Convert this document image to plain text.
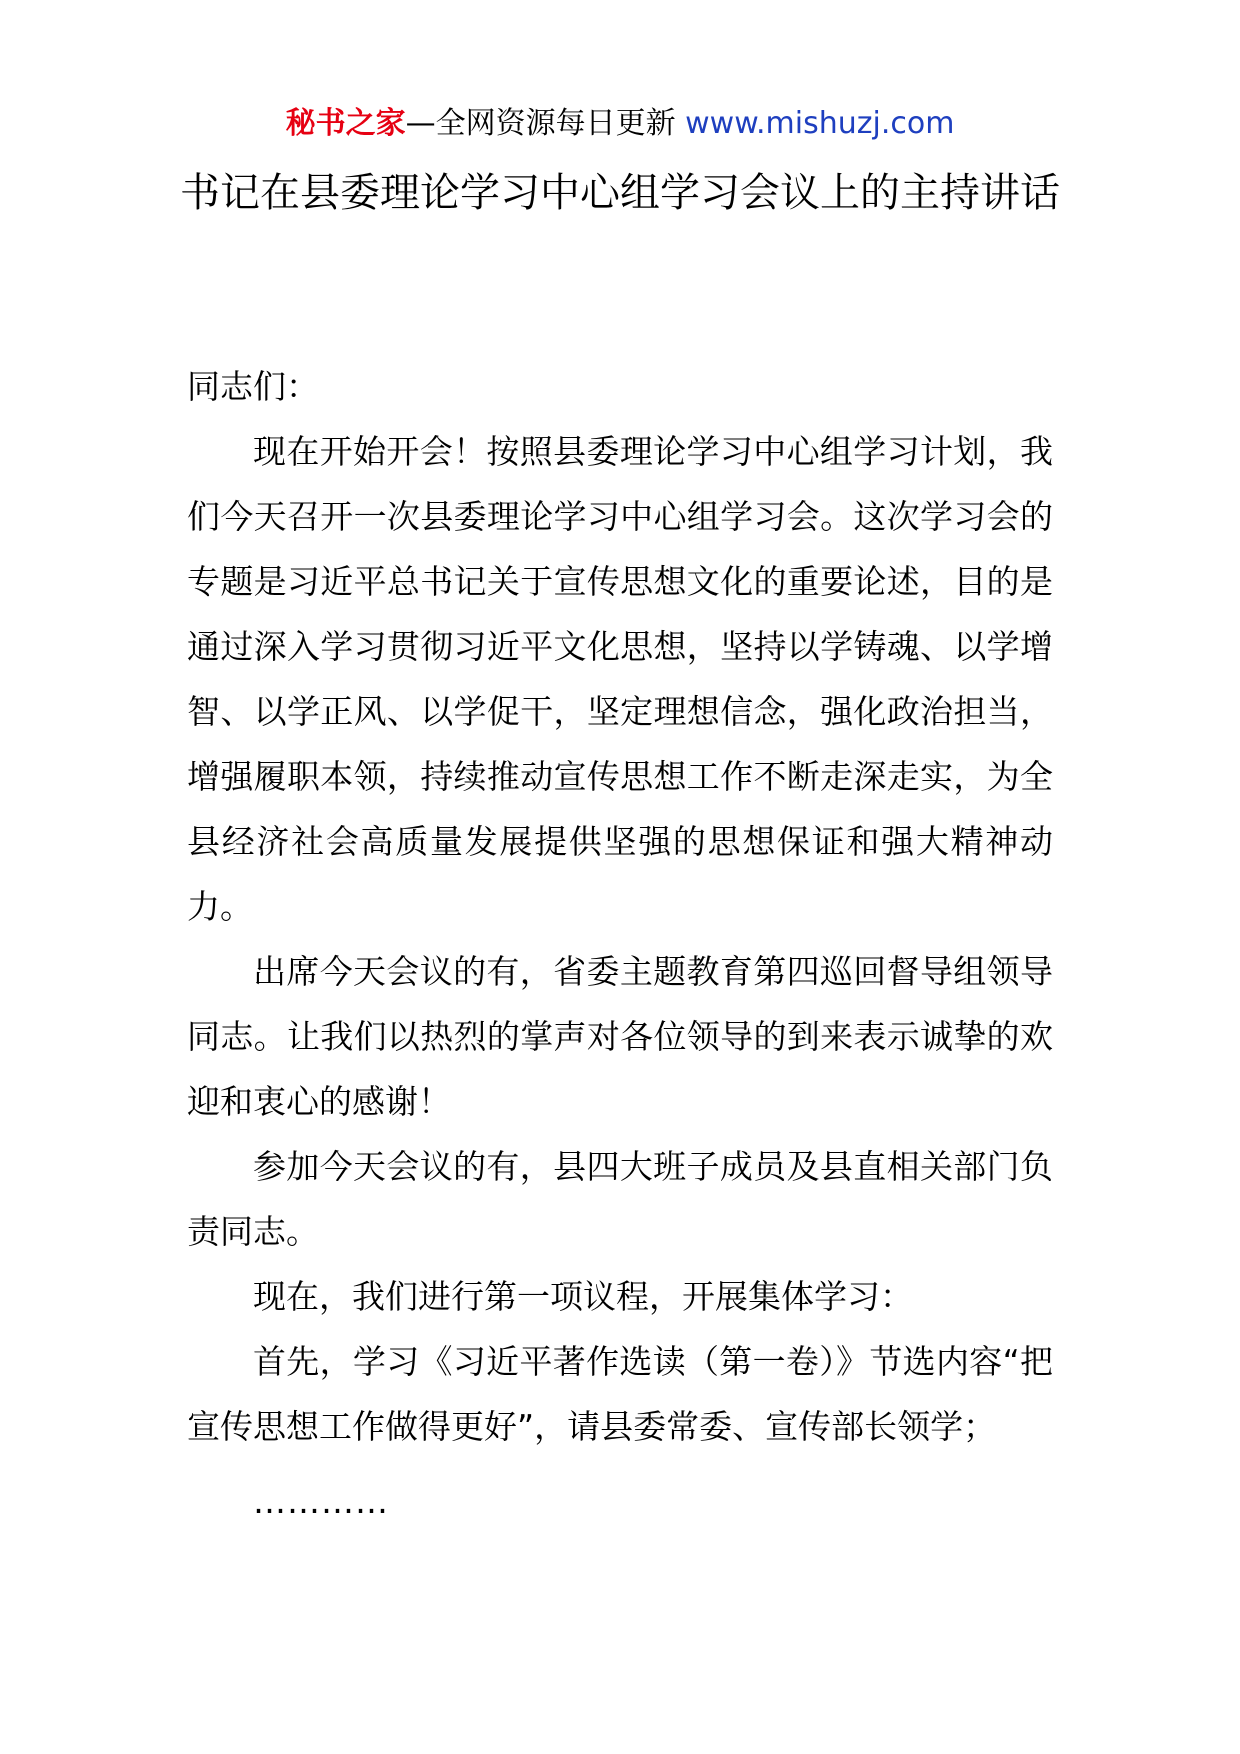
秘书之家—全网资源每日更新 www.mishuzj.com
书记在县委理论学习中心组学习会议上的主持讲话

同志们：

现在开始开会！按照县委理论学习中心组学习计划，我们今天召开一次县委理论学习中心组学习会。这次学习会的专题是习近平总书记关于宣传思想文化的重要论述，目的是通过深入学习贯彻习近平文化思想，坚持以学铸魂、以学增智、以学正风、以学促干，坚定理想信念，强化政治担当，增强履职本领，持续推动宣传思想工作不断走深走实，为全县经济社会高质量发展提供坚强的思想保证和强大精神动力。

出席今天会议的有，省委主题教育第四巡回督导组领导同志。让我们以热烈的掌声对各位领导的到来表示诚挚的欢迎和衷心的感谢！

参加今天会议的有，县四大班子成员及县直相关部门负责同志。

现在，我们进行第一项议程，开展集体学习：

首先，学习《习近平著作选读（第一卷）》节选内容“把宣传思想工作做得更好”，请县委常委、宣传部长领学；

…………
